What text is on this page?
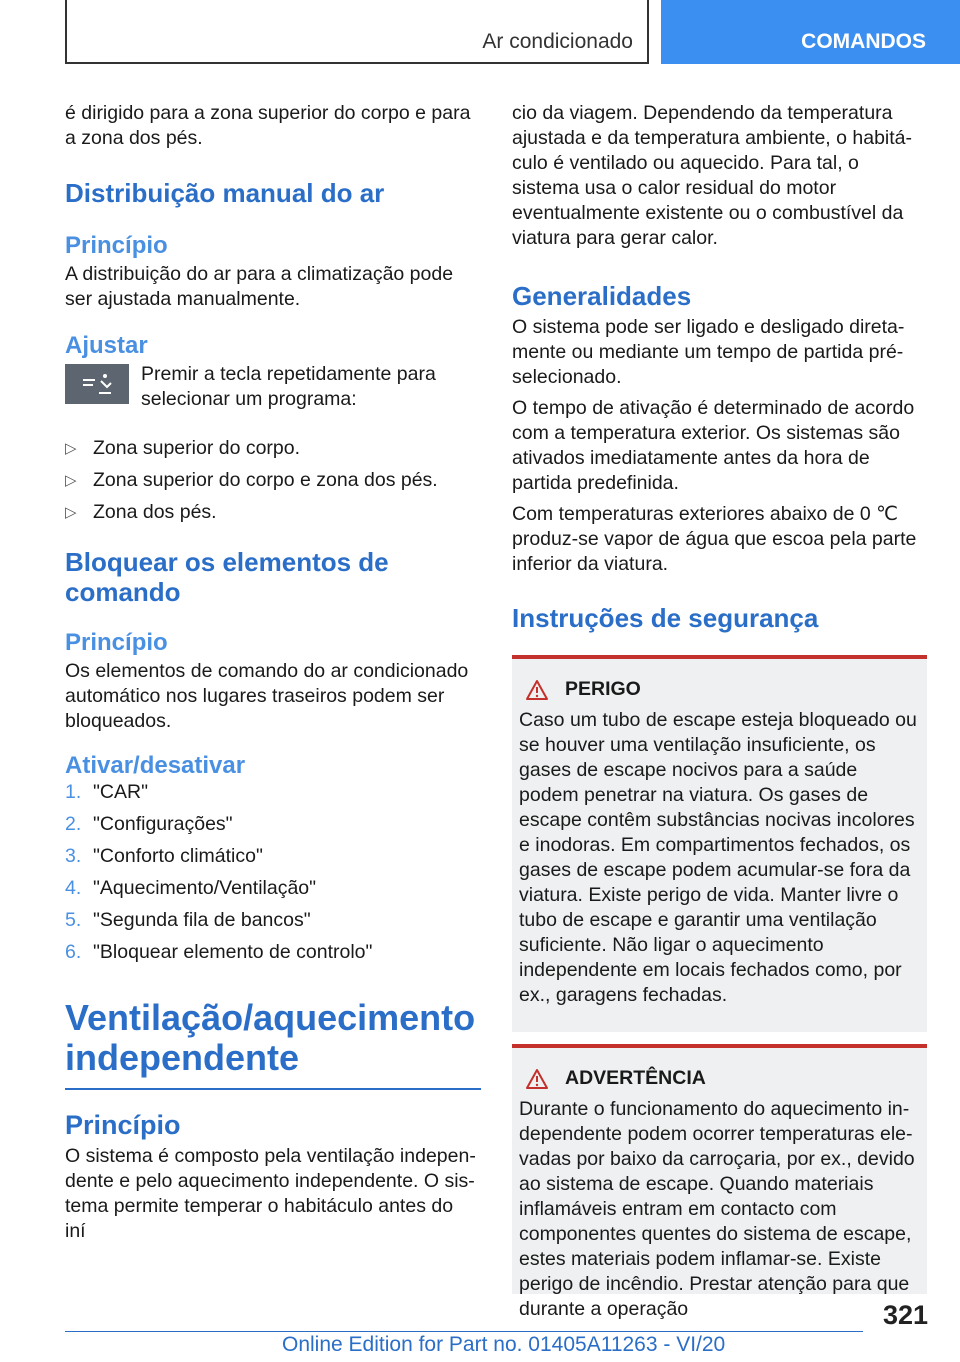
Ar condicionado	COMANDOS

é dirigido para a zona superior do corpo e para a zona dos pés.

Distribuição manual do ar

Princípio

A distribuição do ar para a climatização pode ser ajustada manualmente.

Ajustar

Premir a tecla repetidamente para selecionar um programa:

▷ Zona superior do corpo.
▷ Zona superior do corpo e zona dos pés.
▷ Zona dos pés.

Bloquear os elementos de comando

Princípio

Os elementos de comando do ar condicionado automático nos lugares traseiros podem ser bloqueados.

Ativar/desativar

1. "CAR"
2. "Configurações"
3. "Conforto climático"
4. "Aquecimento/Ventilação"
5. "Segunda fila de bancos"
6. "Bloquear elemento de controlo"

Ventilação/aquecimento independente

Princípio

O sistema é composto pela ventilação independente e pelo aquecimento independente. O sistema permite temperar o habitáculo antes do iní

cio da viagem. Dependendo da temperatura ajustada e da temperatura ambiente, o habitáculo é ventilado ou aquecido. Para tal, o sistema usa o calor residual do motor eventualmente existente ou o combustível da viatura para gerar calor.

Generalidades

O sistema pode ser ligado e desligado diretamente ou mediante um tempo de partida pré-selecionado.

O tempo de ativação é determinado de acordo com a temperatura exterior. Os sistemas são ativados imediatamente antes da hora de partida predefinida.

Com temperaturas exteriores abaixo de 0 ℃ produz-se vapor de água que escoa pela parte inferior da viatura.

Instruções de segurança

PERIGO

Caso um tubo de escape esteja bloqueado ou se houver uma ventilação insuficiente, os gases de escape nocivos para a saúde podem penetrar na viatura. Os gases de escape contêm substâncias nocivas incolores e inodoras. Em compartimentos fechados, os gases de escape podem acumular-se fora da viatura. Existe perigo de vida. Manter livre o tubo de escape e garantir uma ventilação suficiente. Não ligar o aquecimento independente em locais fechados como, por ex., garagens fechadas.

ADVERTÊNCIA

Durante o funcionamento do aquecimento independente podem ocorrer temperaturas elevadas por baixo da carroçaria, por ex., devido ao sistema de escape. Quando materiais inflamáveis entram em contacto com componentes quentes do sistema de escape, estes materiais podem inflamar-se. Existe perigo de incêndio. Prestar atenção para que durante a operação	321
Online Edition for Part no. 01405A11263 - VI/20
